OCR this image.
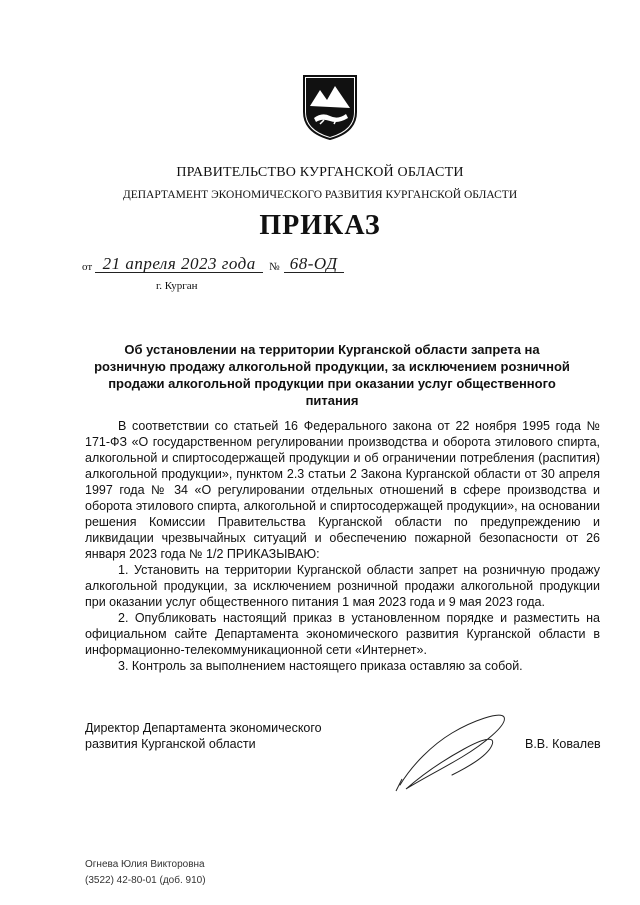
ПРАВИТЕЛЬСТВО КУРГАНСКОЙ ОБЛАСТИ
ДЕПАРТАМЕНТ ЭКОНОМИЧЕСКОГО РАЗВИТИЯ КУРГАНСКОЙ ОБЛАСТИ
ПРИКАЗ
от 21 апреля 2023 года	№ 68-ОД
г. Курган
Об установлении на территории Курганской области запрета на розничную продажу алкогольной продукции, за исключением розничной продажи алкогольной продукции при оказании услуг общественного питания

В соответствии со статьей 16 Федерального закона от 22 ноября 1995 года № 171-ФЗ «О государственном регулировании производства и оборота этилового спирта, алкогольной и спиртосодержащей продукции и об ограничении потребления (распития) алкогольной продукции», пунктом 2.3 статьи 2 Закона Курганской области от 30 апреля 1997 года № 34 «О регулировании отдельных отношений в сфере производства и оборота этилового спирта, алкогольной и спиртосодержащей продукции», на основании решения Комиссии Правительства Курганской области по предупреждению и ликвидации чрезвычайных ситуаций и обеспечению пожарной безопасности от 26 января 2023 года № 1/2 ПРИКАЗЫВАЮ:

1. Установить на территории Курганской области запрет на розничную продажу алкогольной продукции, за исключением розничной продажи алкогольной продукции при оказании услуг общественного питания 1 мая 2023 года и 9 мая 2023 года.

2. Опубликовать настоящий приказ в установленном порядке и разместить на официальном сайте Департамента экономического развития Курганской области в информационно-телекоммуникационной сети «Интернет».

3. Контроль за выполнением настоящего приказа оставляю за собой.

Директор Департамента экономического
развития Курганской области	В.В. Ковалев
Огнева Юлия Викторовна
(3522) 42-80-01 (доб. 910)
